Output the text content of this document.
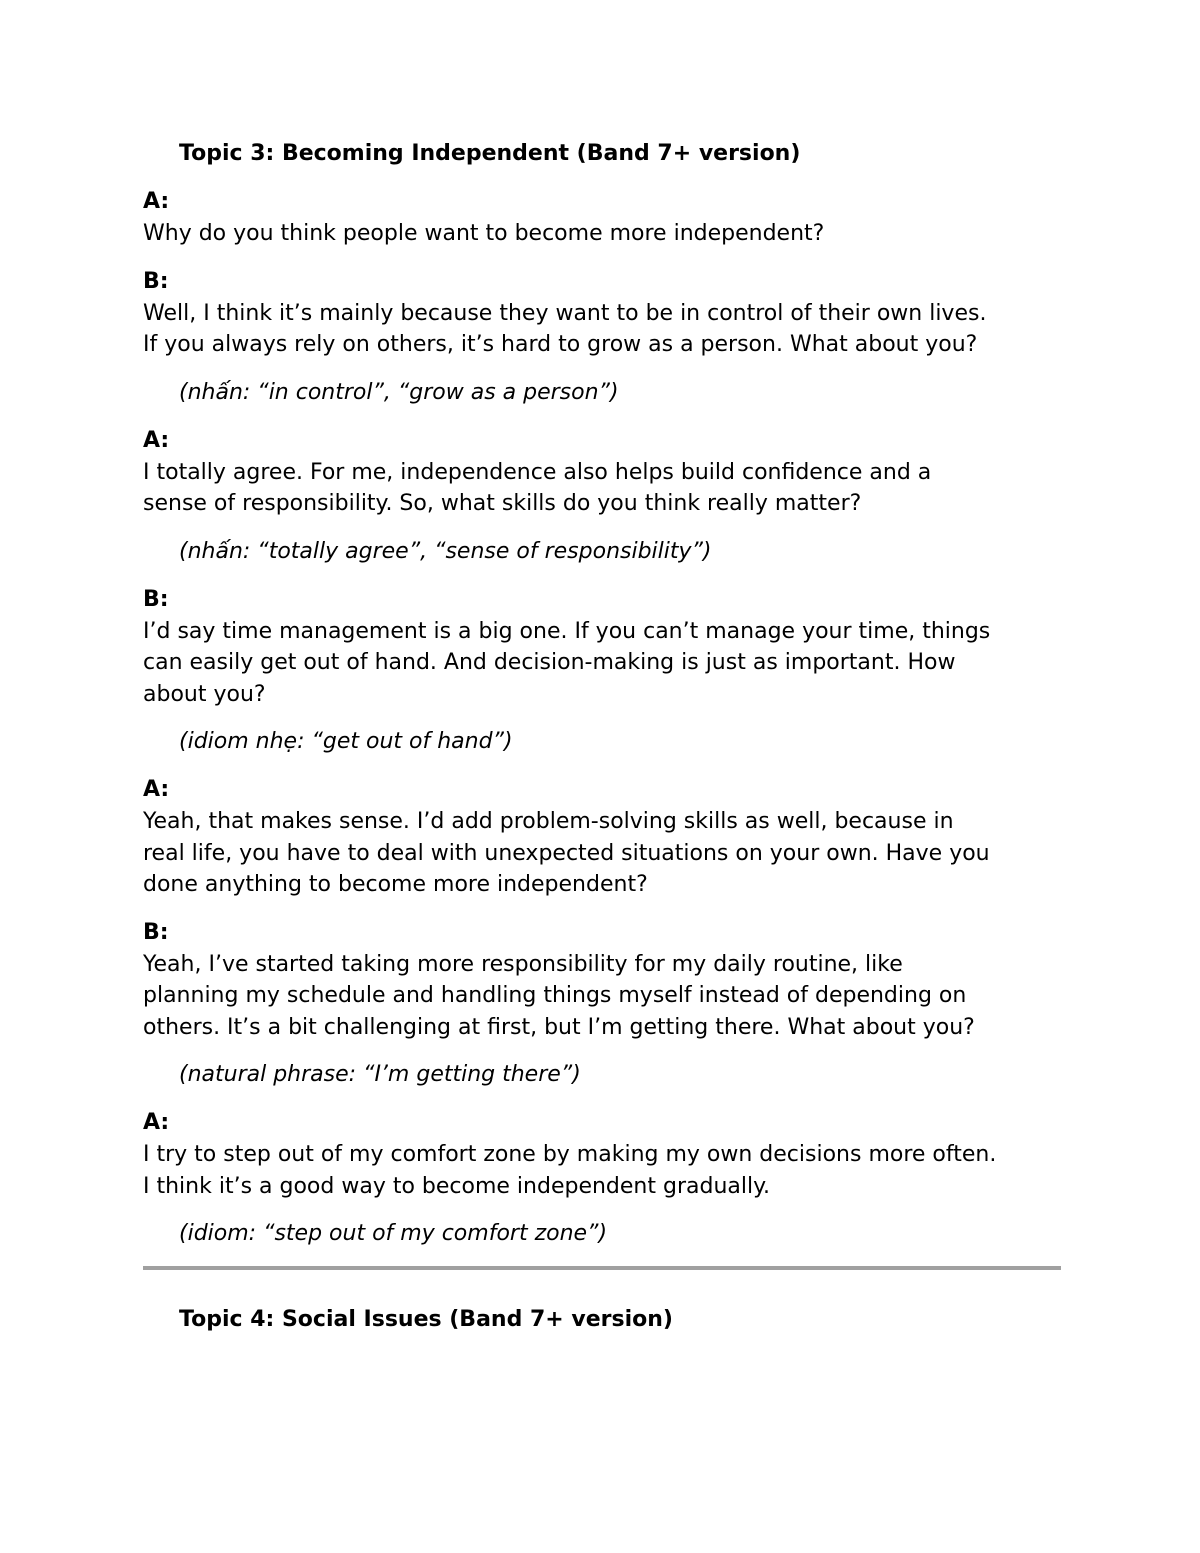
Topic 3: Becoming Independent (Band 7+ version)
A:
Why do you think people want to become more independent?
B:
Well, I think it’s mainly because they want to be in control of their own lives.
If you always rely on others, it’s hard to grow as a person. What about you?
(nhấn: “in control”, “grow as a person”)
A:
I totally agree. For me, independence also helps build confidence and a
sense of responsibility. So, what skills do you think really matter?
(nhấn: “totally agree”, “sense of responsibility”)
B:
I’d say time management is a big one. If you can’t manage your time, things
can easily get out of hand. And decision-making is just as important. How
about you?
(idiom nhẹ: “get out of hand”)
A:
Yeah, that makes sense. I’d add problem-solving skills as well, because in
real life, you have to deal with unexpected situations on your own. Have you
done anything to become more independent?
B:
Yeah, I’ve started taking more responsibility for my daily routine, like
planning my schedule and handling things myself instead of depending on
others. It’s a bit challenging at first, but I’m getting there. What about you?
(natural phrase: “I’m getting there”)
A:
I try to step out of my comfort zone by making my own decisions more often.
I think it’s a good way to become independent gradually.
(idiom: “step out of my comfort zone”)
Topic 4: Social Issues (Band 7+ version)
